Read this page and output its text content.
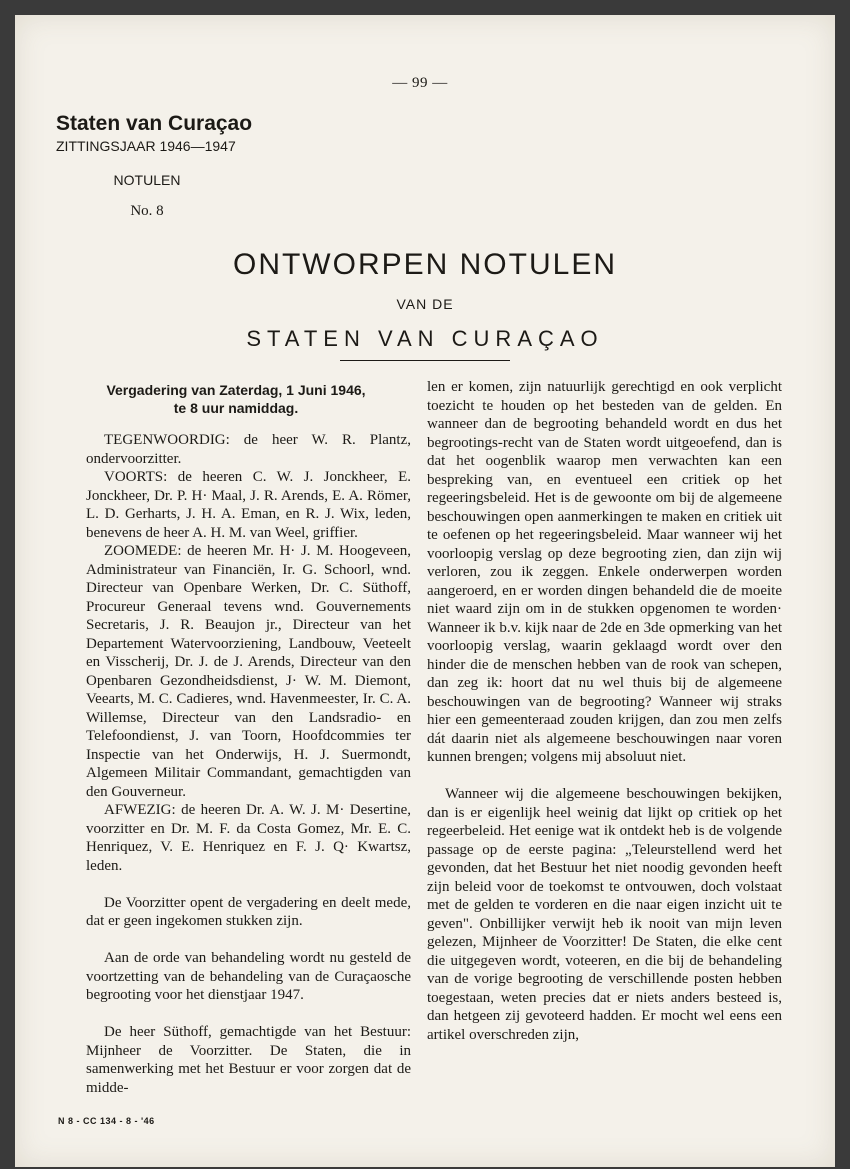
— 99 —
Staten van Curaçao
ZITTINGSJAAR 1946—1947
NOTULEN
No. 8
ONTWORPEN NOTULEN
VAN DE
STATEN VAN CURAÇAO
Vergadering van Zaterdag, 1 Juni 1946,
te 8 uur namiddag.

TEGENWOORDIG: de heer W. R. Plantz, ondervoorzitter.

VOORTS: de heeren C. W. J. Jonckheer, E. Jonckheer, Dr. P. H· Maal, J. R. Arends, E. A. Römer, L. D. Gerharts, J. H. A. Eman, en R. J. Wix, leden, benevens de heer A. H. M. van Weel, griffier.

ZOOMEDE: de heeren Mr. H· J. M. Hoogeveen, Administrateur van Financiën, Ir. G. Schoorl, wnd. Directeur van Openbare Werken, Dr. C. Süthoff, Procureur Generaal tevens wnd. Gouvernements Secretaris, J. R. Beaujon jr., Directeur van het Departement Watervoorziening, Landbouw, Veeteelt en Visscherij, Dr. J. de J. Arends, Directeur van den Openbaren Gezondheidsdienst, J· W. M. Diemont, Veearts, M. C. Cadieres, wnd. Havenmeester, Ir. C. A. Willemse, Directeur van den Landsradio- en Telefoondienst, J. van Toorn, Hoofdcommies ter Inspectie van het Onderwijs, H. J. Suermondt, Algemeen Militair Commandant, gemachtigden van den Gouverneur.

AFWEZIG: de heeren Dr. A. W. J. M· Desertine, voorzitter en Dr. M. F. da Costa Gomez, Mr. E. C. Henriquez, V. E. Henriquez en F. J. Q· Kwartsz, leden.

De Voorzitter opent de vergadering en deelt mede, dat er geen ingekomen stukken zijn.

Aan de orde van behandeling wordt nu gesteld de voortzetting van de behandeling van de Curaçaosche begrooting voor het dienstjaar 1947.

De heer Süthoff, gemachtigde van het Bestuur: Mijnheer de Voorzitter. De Staten, die in samenwerking met het Bestuur er voor zorgen dat de midde-

len er komen, zijn natuurlijk gerechtigd en ook verplicht toezicht te houden op het besteden van de gelden. En wanneer dan de begrooting behandeld wordt en dus het begrootings-recht van de Staten wordt uitgeoefend, dan is dat het oogenblik waarop men verwachten kan een bespreking van, en eventueel een critiek op het regeeringsbeleid. Het is de gewoonte om bij de algemeene beschouwingen open aanmerkingen te maken en critiek uit te oefenen op het regeeringsbeleid. Maar wanneer wij het voorloopig verslag op deze begrooting zien, dan zijn wij verloren, zou ik zeggen. Enkele onderwerpen worden aangeroerd, en er worden dingen behandeld die de moeite niet waard zijn om in de stukken opgenomen te worden· Wanneer ik b.v. kijk naar de 2de en 3de opmerking van het voorloopig verslag, waarin geklaagd wordt over den hinder die de menschen hebben van de rook van schepen, dan zeg ik: hoort dat nu wel thuis bij de algemeene beschouwingen van de begrooting? Wanneer wij straks hier een gemeenteraad zouden krijgen, dan zou men zelfs dát daarin niet als algemeene beschouwingen naar voren kunnen brengen; volgens mij absoluut niet.

Wanneer wij die algemeene beschouwingen bekijken, dan is er eigenlijk heel weinig dat lijkt op critiek op het regeerbeleid. Het eenige wat ik ontdekt heb is de volgende passage op de eerste pagina: „Teleurstellend werd het gevonden, dat het Bestuur het niet noodig gevonden heeft zijn beleid voor de toekomst te ontvouwen, doch volstaat met de gelden te vorderen en die naar eigen inzicht uit te geven". Onbillijker verwijt heb ik nooit van mijn leven gelezen, Mijnheer de Voorzitter! De Staten, die elke cent die uitgegeven wordt, voteeren, en die bij de behandeling van de vorige begrooting de verschillende posten hebben toegestaan, weten precies dat er niets anders besteed is, dan hetgeen zij gevoteerd hadden. Er mocht wel eens een artikel overschreden zijn,

N 8 - CC 134 - 8 - '46
